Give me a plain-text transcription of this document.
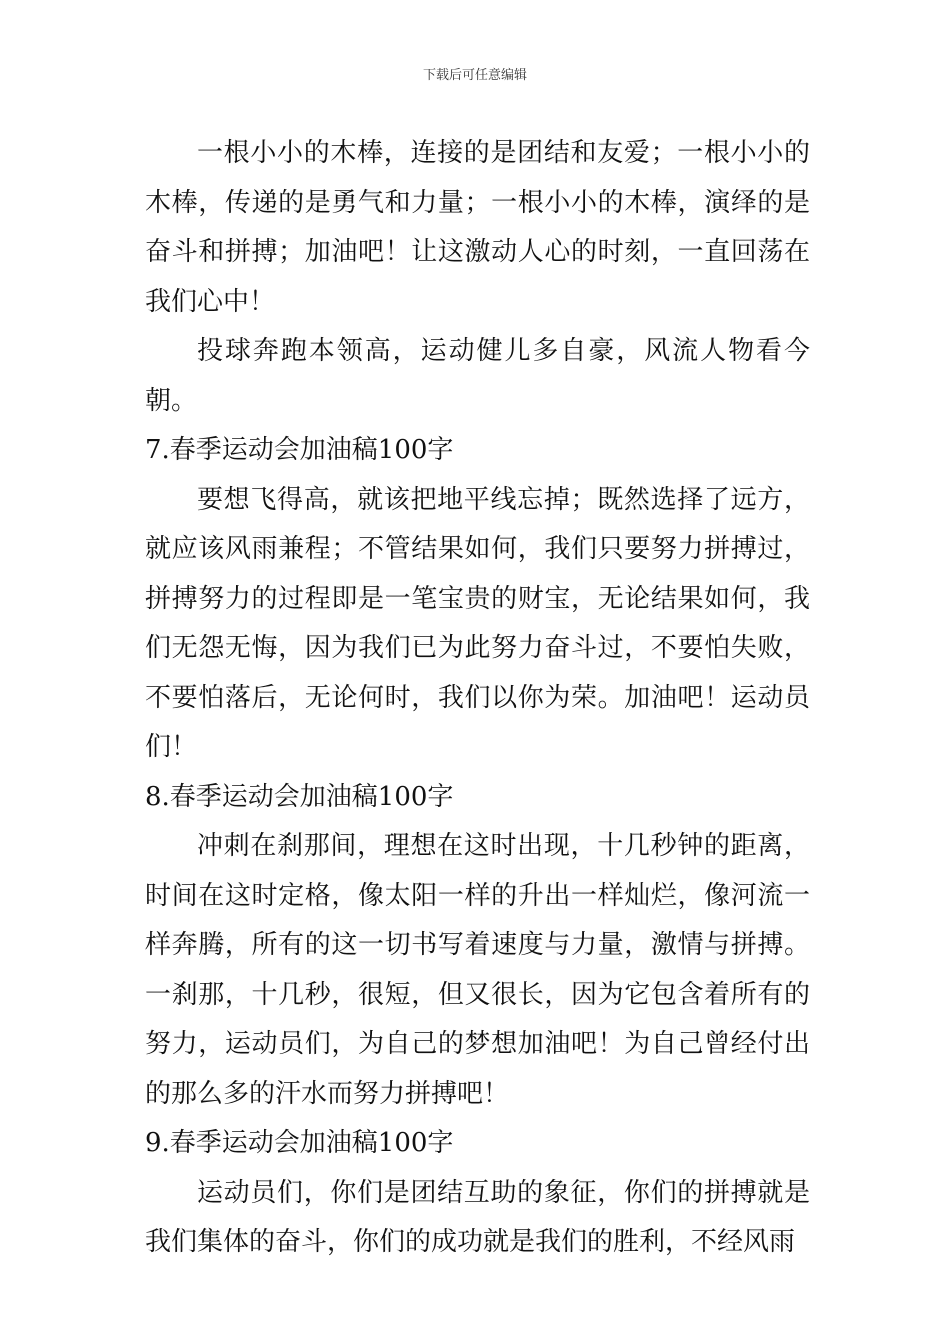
下载后可任意编辑

一根小小的木棒，连接的是团结和友爱；一根小小的木棒，传递的是勇气和力量；一根小小的木棒，演绎的是奋斗和拼搏；加油吧！让这激动人心的时刻，一直回荡在我们心中！

投球奔跑本领高，运动健儿多自豪，风流人物看今朝。

7.春季运动会加油稿100字

要想飞得高，就该把地平线忘掉；既然选择了远方，就应该风雨兼程；不管结果如何，我们只要努力拼搏过，拼搏努力的过程即是一笔宝贵的财宝，无论结果如何，我们无怨无悔，因为我们已为此努力奋斗过，不要怕失败，不要怕落后，无论何时，我们以你为荣。加油吧！运动员们！

8.春季运动会加油稿100字

冲刺在刹那间，理想在这时出现，十几秒钟的距离，时间在这时定格，像太阳一样的升出一样灿烂，像河流一样奔腾，所有的这一切书写着速度与力量，激情与拼搏。一刹那，十几秒，很短，但又很长，因为它包含着所有的努力，运动员们，为自己的梦想加油吧！为自己曾经付出的那么多的汗水而努力拼搏吧！

9.春季运动会加油稿100字

运动员们，你们是团结互助的象征，你们的拼搏就是我们集体的奋斗，你们的成功就是我们的胜利，不经风雨
